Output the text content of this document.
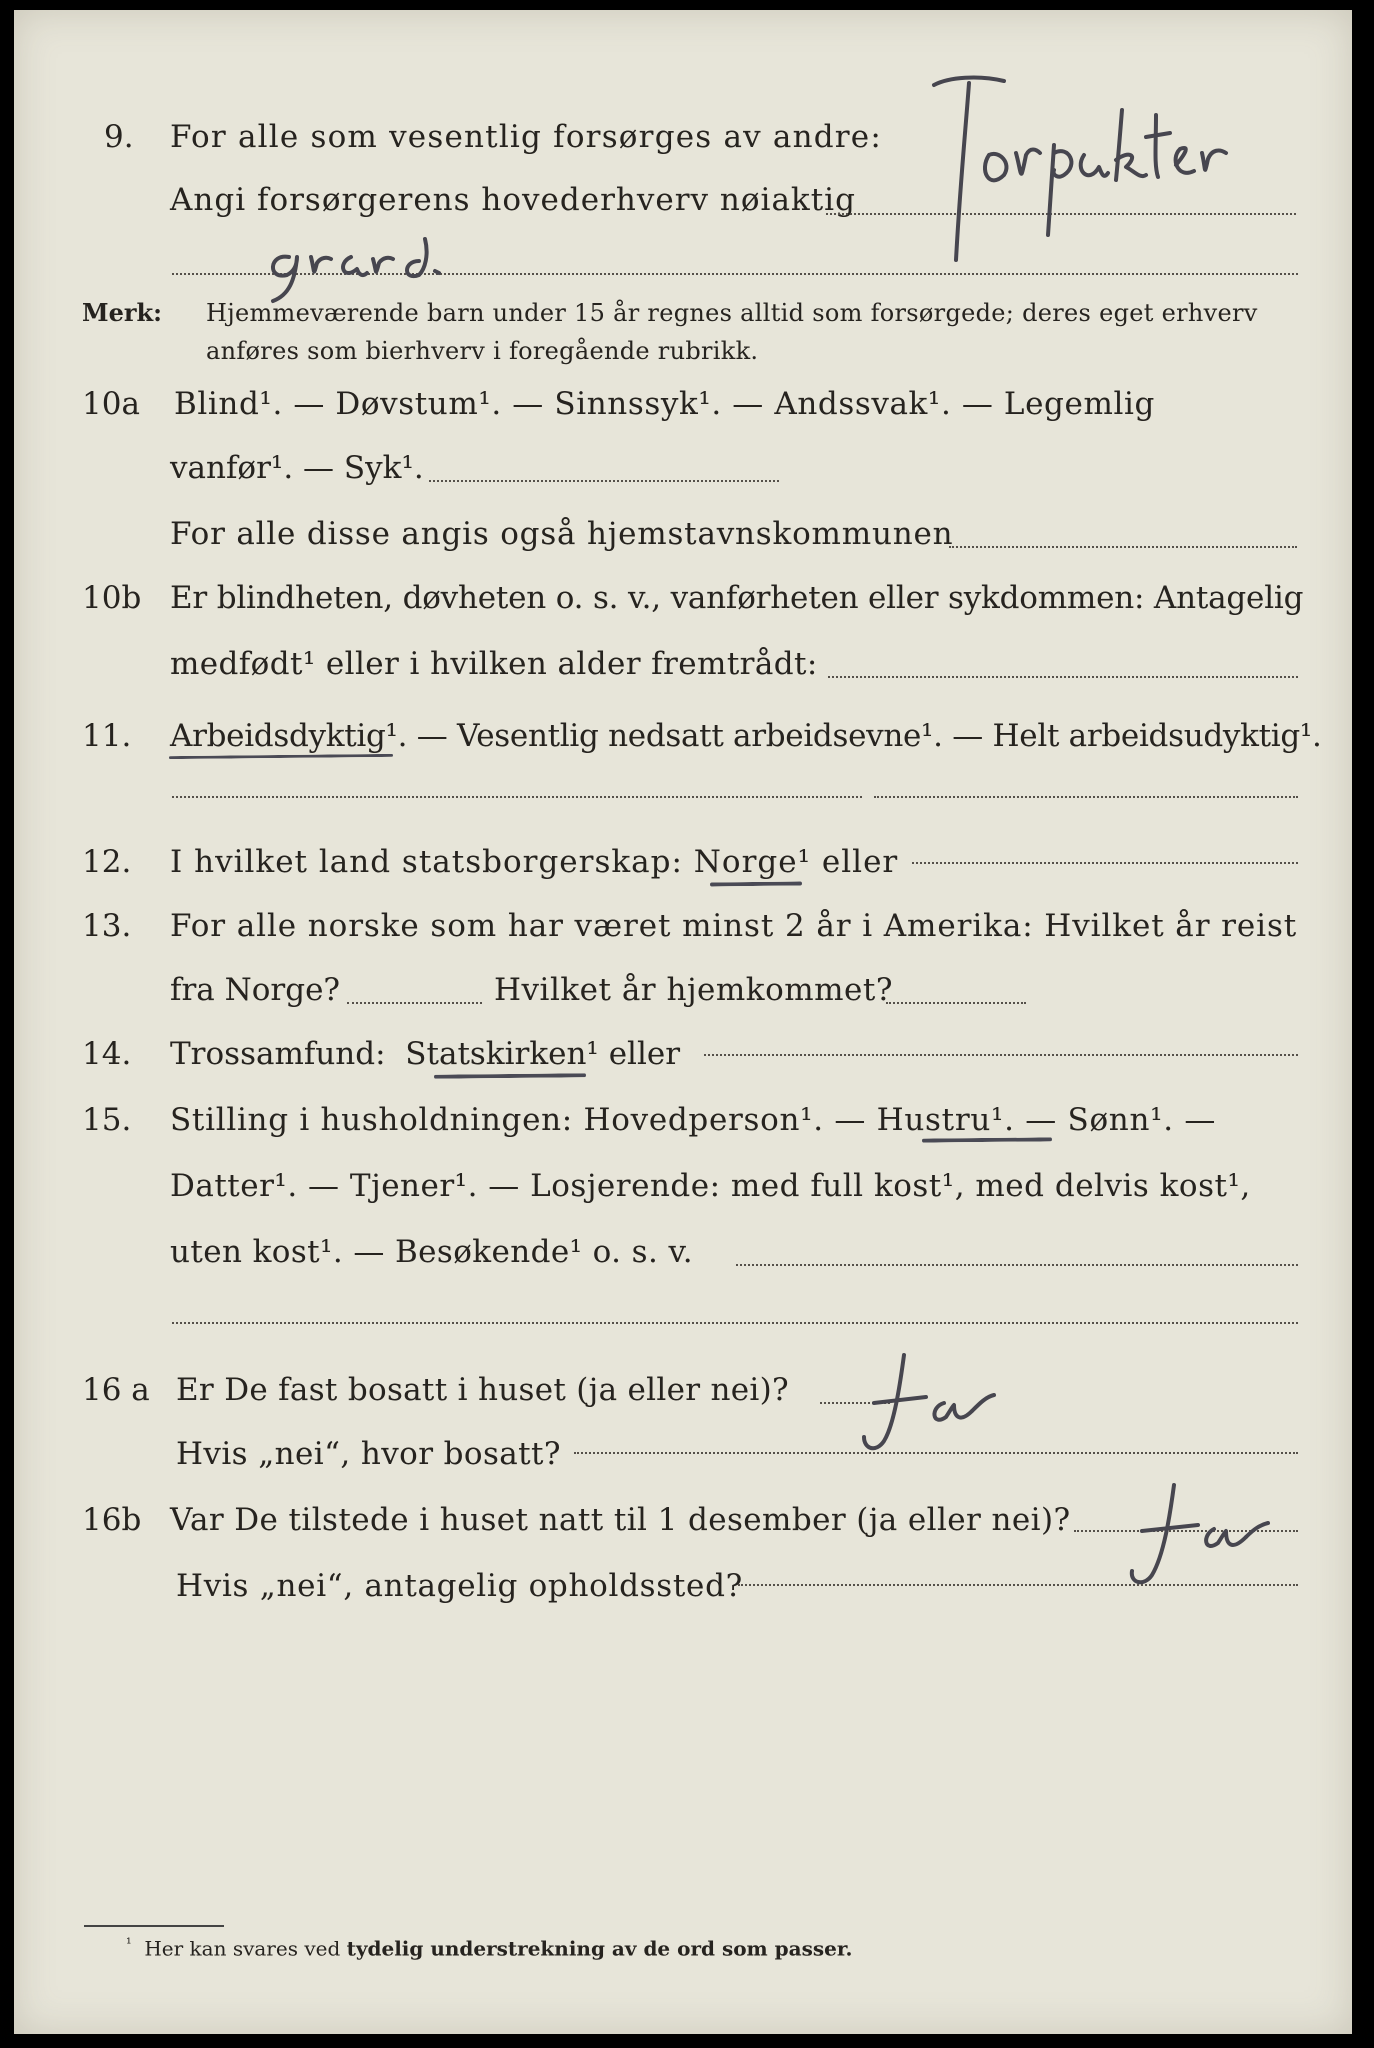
9. For alle som vesentlig forsørges av andre:
Angi forsørgerens hovederhverv nøiaktig
Merk: Hjemmeværende barn under 15 år regnes alltid som forsørgede; deres eget erhverv
anføres som bierhverv i foregående rubrikk.
10a Blind¹. — Døvstum¹. — Sinnssyk¹. — Andssvak¹. — Legemlig
vanfør¹. — Syk¹.
For alle disse angis også hjemstavnskommunen
10b Er blindheten, døvheten o. s. v., vanførheten eller sykdommen: Antagelig
medfødt¹ eller i hvilken alder fremtrådt:
11. Arbeidsdyktig¹. — Vesentlig nedsatt arbeidsevne¹. — Helt arbeidsudyktig¹.
12. I hvilket land statsborgerskap: Norge¹ eller
13. For alle norske som har været minst 2 år i Amerika: Hvilket år reist
fra Norge?	Hvilket år hjemkommet?
14. Trossamfund: Statskirken¹ eller
15. Stilling i husholdningen: Hovedperson¹. — Hustru¹. — Sønn¹. —
Datter¹. — Tjener¹. — Losjerende: med full kost¹, med delvis kost¹,
uten kost¹. — Besøkende¹ o. s. v.
16 a Er De fast bosatt i huset (ja eller nei)?
Hvis „nei“, hvor bosatt?
16b Var De tilstede i huset natt til 1 desember (ja eller nei)?
Hvis „nei“, antagelig opholdssted?
$^{^1}$ Her kan svares ved tydelig understrekning av de ord som passer.
